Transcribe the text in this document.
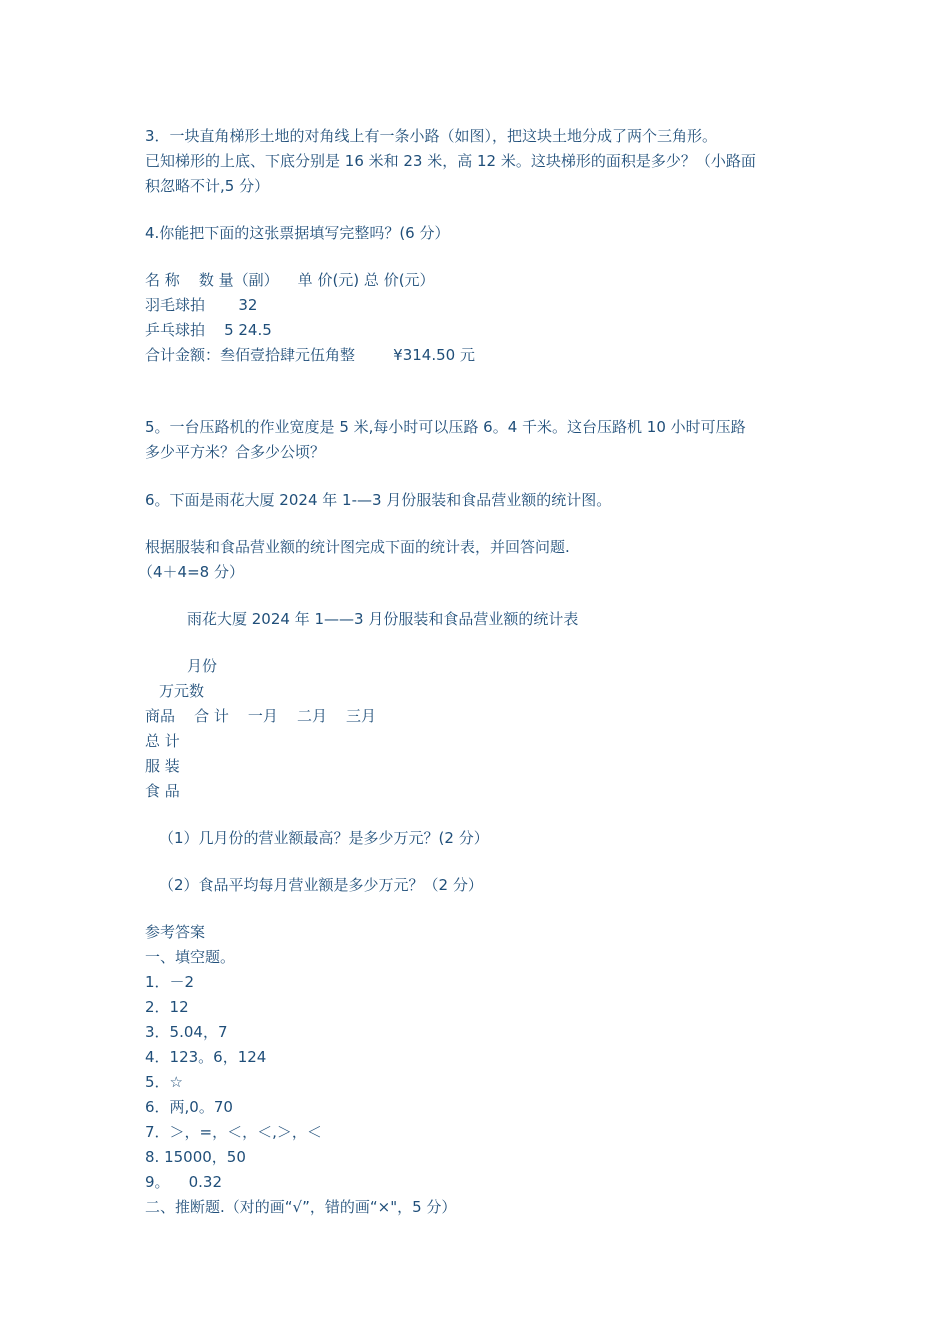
3．一块直角梯形土地的对角线上有一条小路（如图），把这块土地分成了两个三角形。
已知梯形的上底、下底分别是 16 米和 23 米，高 12 米。这块梯形的面积是多少？（小路面
积忽略不计,5 分）
4.你能把下面的这张票据填写完整吗？(6 分）
名 称    数 量（副）    单 价(元) 总 价(元）
羽毛球拍       32
乒乓球拍    5 24.5
合计金额：叁佰壹拾肆元伍角整        ¥314.50 元
5。一台压路机的作业宽度是 5 米,每小时可以压路 6。4 千米。这台压路机 10 小时可压路
多少平方米？合多少公顷？
6。下面是雨花大厦 2024 年 1-—3 月份服装和食品营业额的统计图。
根据服装和食品营业额的统计图完成下面的统计表，并回答问题.
（4＋4=8 分）
雨花大厦 2024 年 1——3 月份服装和食品营业额的统计表
月份
万元数
商品    合 计    一月    二月    三月
总 计
服 装
食 品
（1）几月份的营业额最高？是多少万元？(2 分）
（2）食品平均每月营业额是多少万元？（2 分）
参考答案
一、填空题。
1．－2
2．12
3．5.04，7
4．123。6，124
5．☆
6．两,0。70
7．＞，=，＜，＜,＞，＜
8. 15000，50
9。    0.32
二、推断题.（对的画“√”，错的画“×"，5 分）
